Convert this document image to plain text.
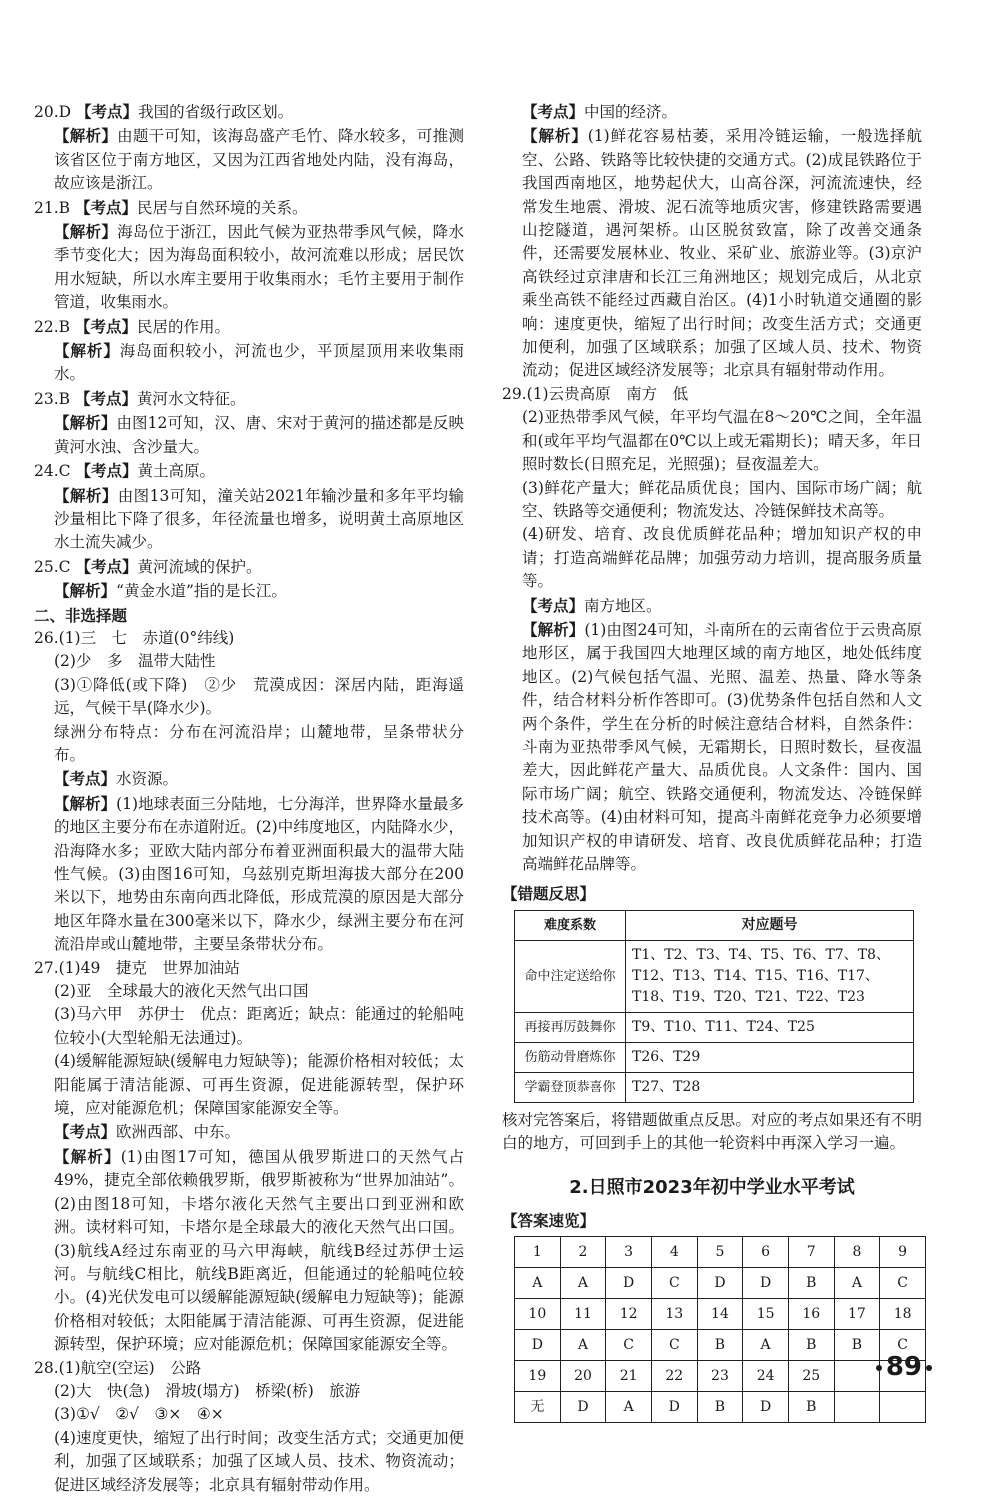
20.D

【 考点 】 我国的省级行政区划。

【 解析 】 由题干可知，该海岛盛产毛竹、降水较多，可推测该省区位于南方地区，又因为江西省地处内陆，没有海岛，故应该是浙江。

21.B

【 考点 】 民居与自然环境的关系。

【 解析 】 海岛位于浙江，因此气候为亚热带季风气候，降水季节变化大；因为海岛面积较小，故河流难以形成；居民饮用水短缺，所以水库主要用于收集雨水；毛竹主要用于制作管道，收集雨水。

22.B

【 考点 】 民居的作用。

【 解析 】 海岛面积较小，河流也少，平顶屋顶用来收集雨水。

23.B

【 考点 】 黄河水文特征。

【 解析 】 由图12可知，汉、唐、宋对于黄河的描述都是反映黄河水浊、含沙量大。

24.C

【 考点 】 黄土高原。

【 解析 】 由图13可知，潼关站2021年输沙量和多年平均输沙量相比下降了很多，年径流量也增多，说明黄土高原地区水土流失减少。

25.C

【 考点 】 黄河流域的保护。

【 解析 】 “黄金水道”指的是长江。

二、非选择题

26.(1)三　七　赤道(0°纬线)

(2)少　多　温带大陆性

(3)①降低(或下降)　②少　荒漠成因：深居内陆，距海遥远，气候干旱(降水少)。

绿洲分布特点：分布在河流沿岸；山麓地带，呈条带状分布。

【 考点 】 水资源。

【 解析 】 (1)地球表面三分陆地，七分海洋，世界降水量最多的地区主要分布在赤道附近。(2)中纬度地区，内陆降水少，沿海降水多；亚欧大陆内部分布着亚洲面积最大的温带大陆性气候。(3)由图16可知，乌兹别克斯坦海拔大部分在200米以下，地势由东南向西北降低，形成荒漠的原因是大部分地区年降水量在300毫米以下，降水少，绿洲主要分布在河流沿岸或山麓地带，主要呈条带状分布。

27.(1)49　捷克　世界加油站

(2)亚　全球最大的液化天然气出口国

(3)马六甲　苏伊士　优点：距离近；缺点：能通过的轮船吨位较小(大型轮船无法通过)。

(4)缓解能源短缺(缓解电力短缺等)；能源价格相对较低；太阳能属于清洁能源、可再生资源，促进能源转型，保护环境，应对能源危机；保障国家能源安全等。

【 考点 】 欧洲西部、中东。

【 解析 】 (1)由图17可知，德国从俄罗斯进口的天然气占49%，捷克全部依赖俄罗斯，俄罗斯被称为“世界加油站”。(2)由图18可知，卡塔尔液化天然气主要出口到亚洲和欧洲。读材料可知，卡塔尔是全球最大的液化天然气出口国。(3)航线A经过东南亚的马六甲海峡，航线B经过苏伊士运河。与航线C相比，航线B距离近，但能通过的轮船吨位较小。(4)光伏发电可以缓解能源短缺(缓解电力短缺等)；能源价格相对较低；太阳能属于清洁能源、可再生资源，促进能源转型，保护环境；应对能源危机；保障国家能源安全等。

28.(1)航空(空运)　公路

(2)大　快(急)　滑坡(塌方)　桥梁(桥)　旅游

(3)①√　②√　③×　④×

(4)速度更快，缩短了出行时间；改变生活方式；交通更加便利，加强了区域联系；加强了区域人员、技术、物资流动；促进区域经济发展等；北京具有辐射带动作用。

【 考点 】 中国的经济。

【 解析 】 (1)鲜花容易枯萎，采用冷链运输，一般选择航空、公路、铁路等比较快捷的交通方式。(2)成昆铁路位于我国西南地区，地势起伏大，山高谷深，河流流速快，经常发生地震、滑坡、泥石流等地质灾害，修建铁路需要遇山挖隧道，遇河架桥。山区脱贫致富，除了改善交通条件，还需要发展林业、牧业、采矿业、旅游业等。(3)京沪高铁经过京津唐和长江三角洲地区；规划完成后，从北京乘坐高铁不能经过西藏自治区。(4)1小时轨道交通圈的影响：速度更快，缩短了出行时间；改变生活方式；交通更加便利，加强了区域联系；加强了区域人员、技术、物资流动；促进区域经济发展等；北京具有辐射带动作用。

29.(1)云贵高原　南方　低

(2)亚热带季风气候，年平均气温在8～20℃之间，全年温和(或年平均气温都在0℃以上或无霜期长)；晴天多，年日照时数长(日照充足，光照强)；昼夜温差大。

(3)鲜花产量大；鲜花品质优良；国内、国际市场广阔；航空、铁路等交通便利；物流发达、冷链保鲜技术高等。

(4)研发、培育、改良优质鲜花品种；增加知识产权的申请；打造高端鲜花品牌；加强劳动力培训，提高服务质量等。

【 考点 】 南方地区。

【 解析 】 (1)由图24可知，斗南所在的云南省位于云贵高原地形区，属于我国四大地理区域的南方地区，地处低纬度地区。(2)气候包括气温、光照、温差、热量、降水等条件，结合材料分析作答即可。(3)优势条件包括自然和人文两个条件，学生在分析的时候注意结合材料，自然条件：斗南为亚热带季风气候，无霜期长，日照时数长，昼夜温差大，因此鲜花产量大、品质优良。人文条件：国内、国际市场广阔；航空、铁路交通便利，物流发达、冷链保鲜技术高等。(4)由材料可知，提高斗南鲜花竞争力必须要增加知识产权的申请研发、培育、改良优质鲜花品种；打造高端鲜花品牌等。

【错题反思】
难度系数	对应题号
命中注定送给你	T1、T2、T3、T4、T5、T6、T7、T8、T12、T13、T14、T15、T16、T17、T18、T19、T20、T21、T22、T23
再接再厉鼓舞你	T9、T10、T11、T24、T25
伤筋动骨磨炼你	T26、T29
学霸登顶恭喜你	T27、T28

核对完答案后，将错题做重点反思。对应的考点如果还有不明白的地方，可回到手上的其他一轮资料中再深入学习一遍。

2.日照市2023年初中学业水平考试
【答案速览】
1	2	3	4	5	6	7	8	9
A	A	D	C	D	D	B	A	C
10	11	12	13	14	15	16	17	18
D	A	C	C	B	A	B	B	C
19	20	21	22	23	24	25		
无	D	A	D	B	D	B		
89
